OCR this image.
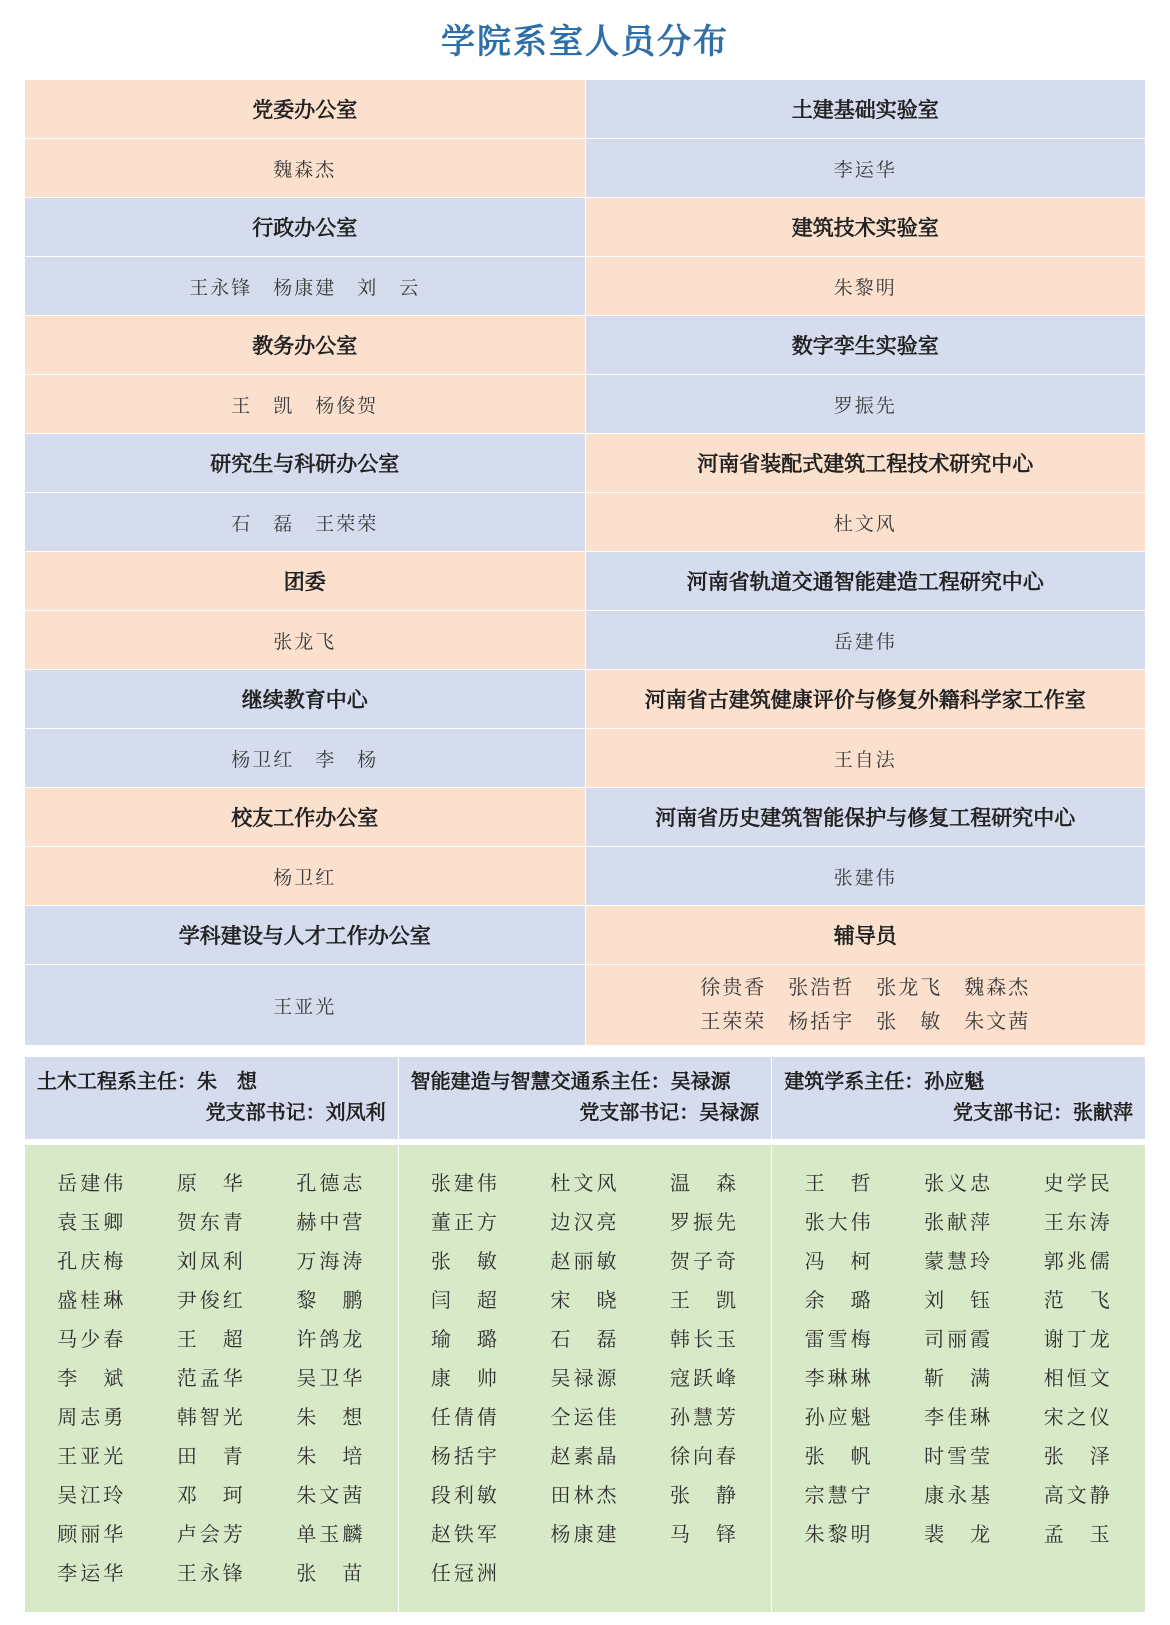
学院系室人员分布
党委办公室	土建基础实验室
魏森杰	李运华
行政办公室	建筑技术实验室
王永锋　杨康建　刘　云	朱黎明
教务办公室	数字孪生实验室
王　凯　杨俊贺	罗振先
研究生与科研办公室	河南省装配式建筑工程技术研究中心
石　磊　王荣荣	杜文风
团委	河南省轨道交通智能建造工程研究中心
张龙飞	岳建伟
继续教育中心	河南省古建筑健康评价与修复外籍科学家工作室
杨卫红　李　杨	王自法
校友工作办公室	河南省历史建筑智能保护与修复工程研究中心
杨卫红	张建伟
学科建设与人才工作办公室	辅导员
王亚光	徐贵香　张浩哲　张龙飞　魏森杰
王荣荣　杨括宇　张　敏　朱文茜
土木工程系主任：朱　想
党支部书记：刘凤利

智能建造与智慧交通系主任：吴禄源
党支部书记：吴禄源

建筑学系主任：孙应魁
党支部书记：张献萍
岳建伟	原　华	孔德志
袁玉卿	贺东青	赫中营
孔庆梅	刘凤利	万海涛
盛桂琳	尹俊红	黎　鹏
马少春	王　超	许鸽龙
李　斌	范孟华	吴卫华
周志勇	韩智光	朱　想
王亚光	田　青	朱　培
吴江玲	邓　珂	朱文茜
顾丽华	卢会芳	单玉麟
李运华	王永锋	张　苗

张建伟	杜文风	温　森
董正方	边汉亮	罗振先
张　敏	赵丽敏	贺子奇
闫　超	宋　晓	王　凯
瑜　璐	石　磊	韩长玉
康　帅	吴禄源	寇跃峰
任倩倩	仝运佳	孙慧芳
杨括宇	赵素晶	徐向春
段利敏	田林杰	张　静
赵铁军	杨康建	马　铎
任冠洲

王　哲	张义忠	史学民
张大伟	张献萍	王东涛
冯　柯	蒙慧玲	郭兆儒
余　璐	刘　钰	范　飞
雷雪梅	司丽霞	谢丁龙
李琳琳	靳　满	相恒文
孙应魁	李佳琳	宋之仪
张　帆	时雪莹	张　泽
宗慧宁	康永基	高文静
朱黎明	裴　龙	孟　玉
